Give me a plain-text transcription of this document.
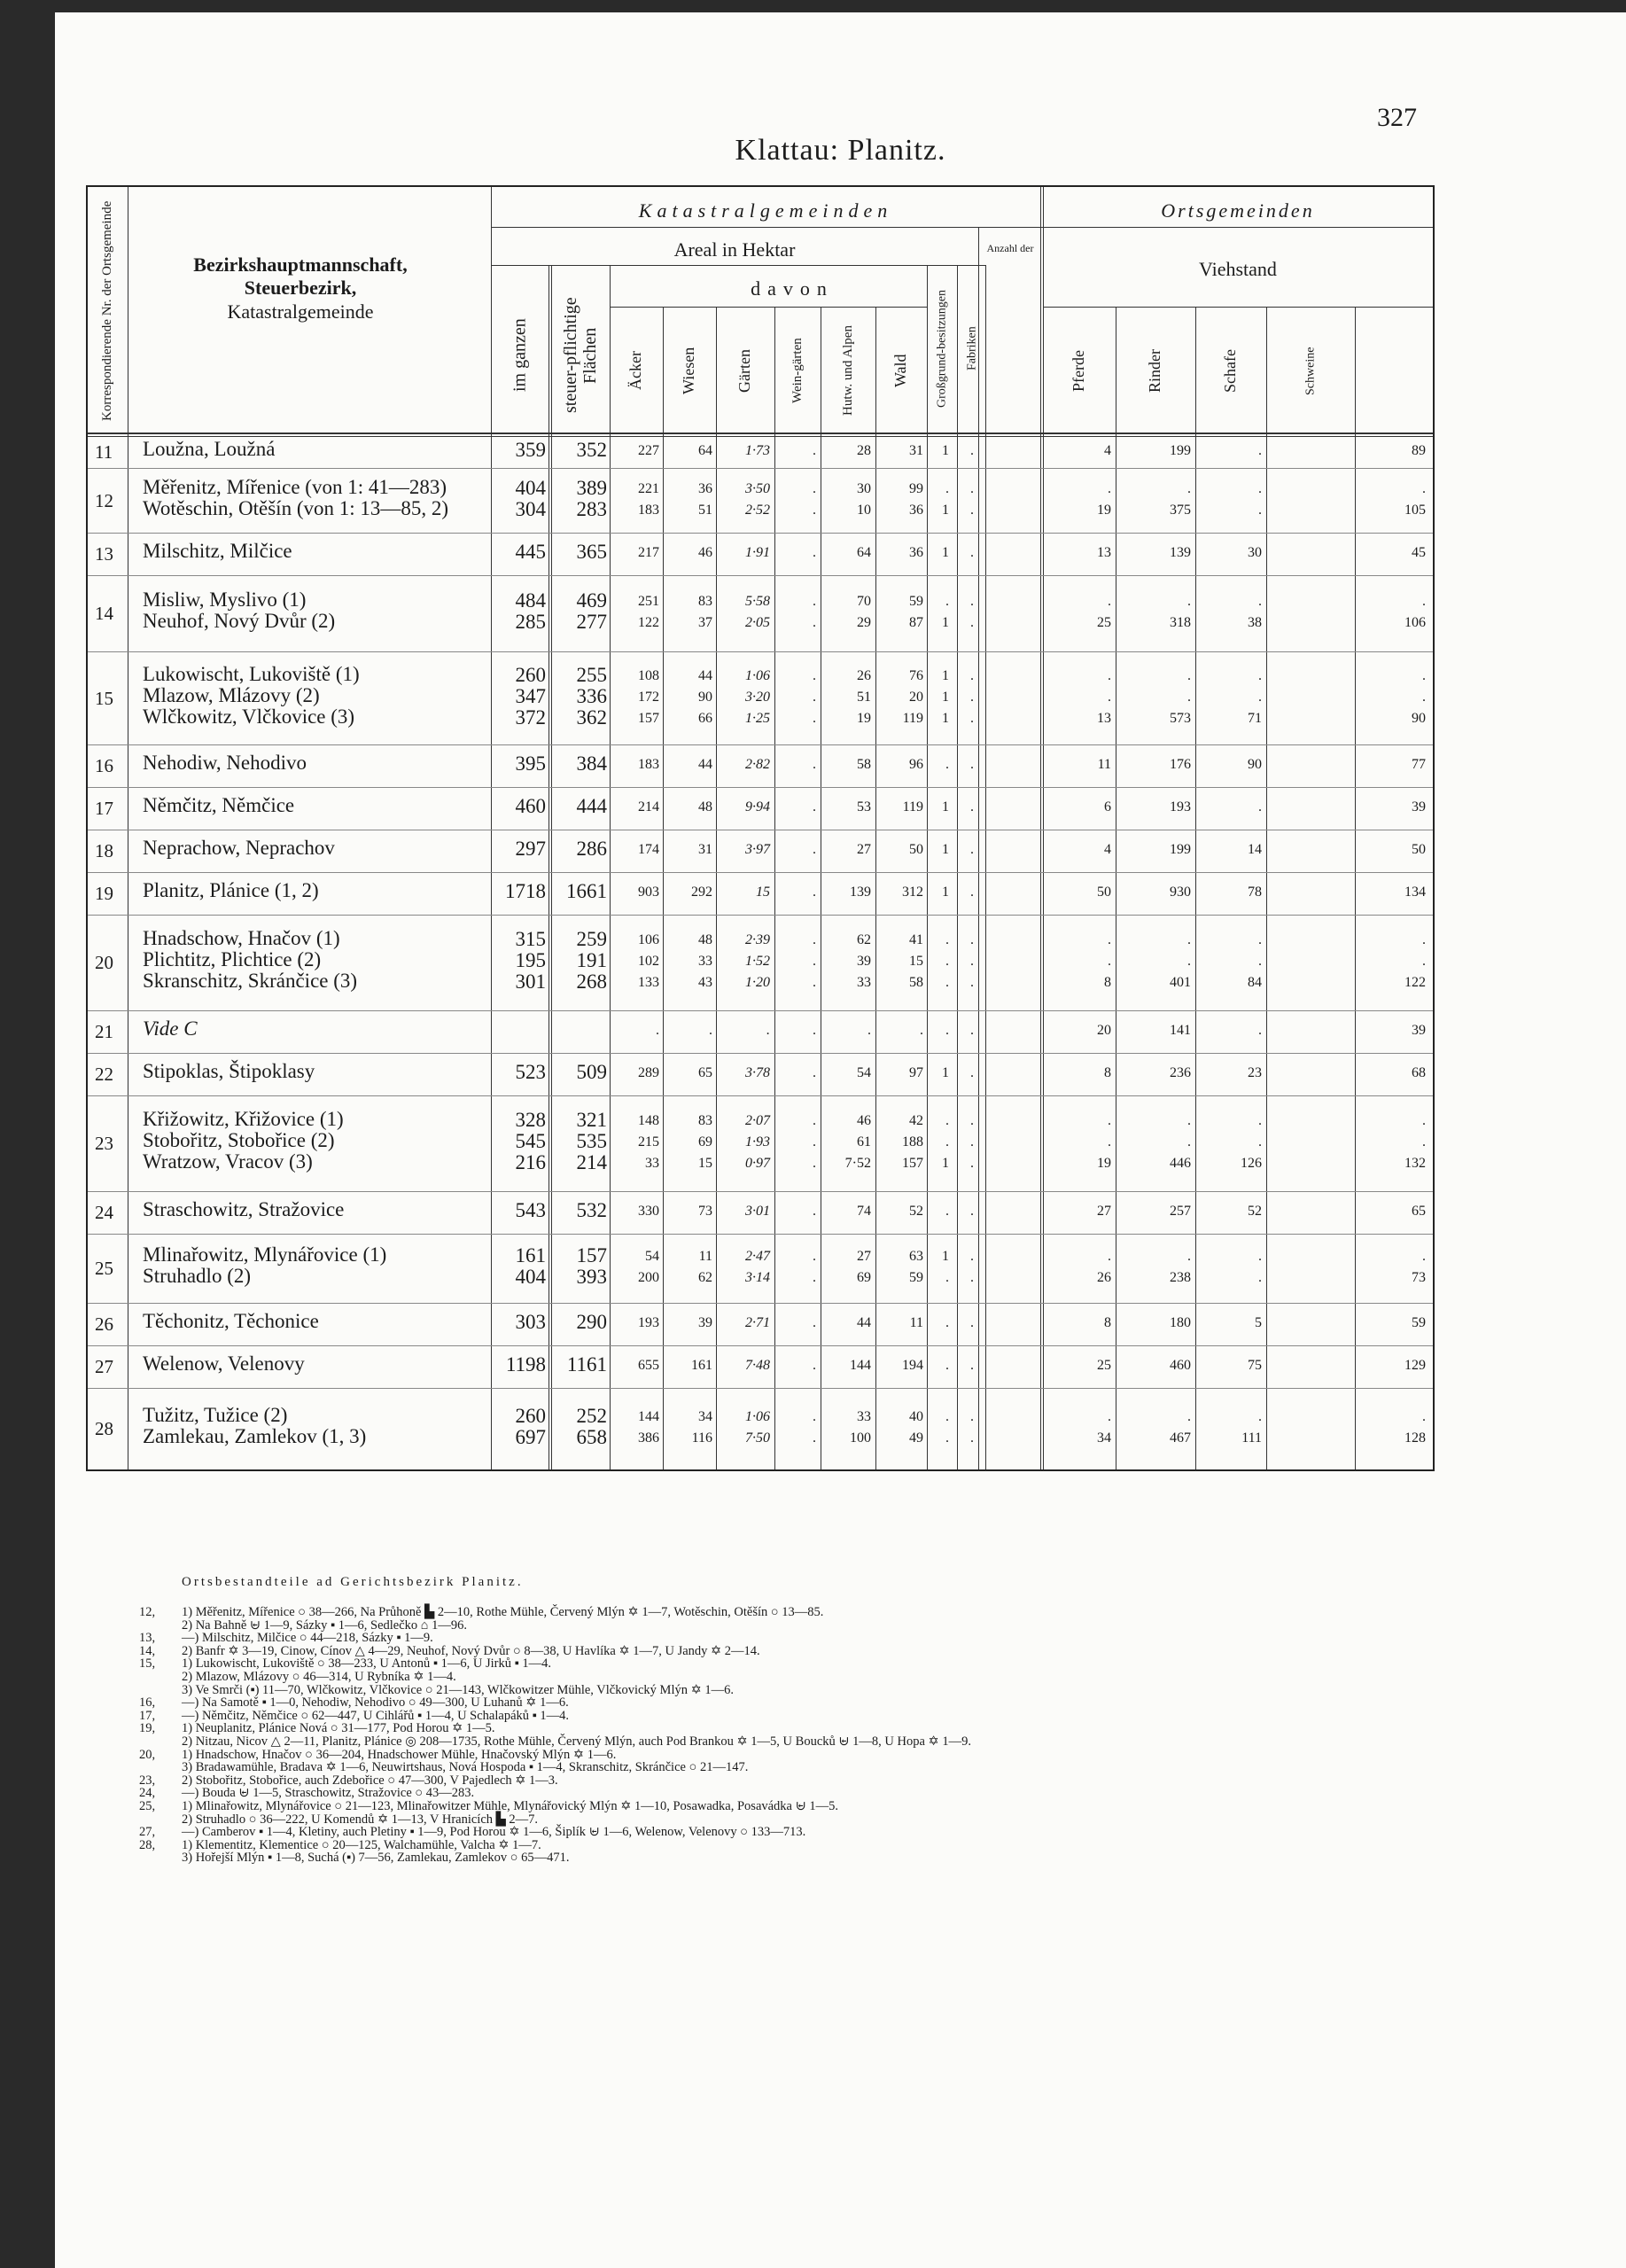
327
Klattau: Planitz.
Korrespondierende Nr. der Ortsgemeinde	Bezirkshauptmannschaft,
Steuerbezirk,
Katastralgemeinde
Katastralgemeinden
Areal in Hektar	Anzahl der
davon
Ortsgemeinden
Viehstand
im ganzen	steuer-pflichtige Flächen	Äcker	Wiesen	Gärten	Wein-gärten	Hutw. und Alpen	Wald	Großgrund-besitzungen	Fabriken
Pferde	Rinder	Schafe	Schweine
11 Loužna, Loužná	359	352	227	64	1·73	.	28	31	1	.	4	199	.	89
12
Měřenitz, Mířenice (von 1: 41—283)	404	389	221	36	3·50	.	30	99	.	.	.	.	.	.
Wotěschin, Otěšín (von 1: 13—85, 2)	304	283	183	51	2·52	.	10	36	1	.	19	375	.	105
13 Milschitz, Milčice	445	365	217	46	1·91	.	64	36	1	.	13	139	30	45
14
Misliw, Myslivo (1)	484	469	251	83	5·58	.	70	59	.	.	.	.	.	.
Neuhof, Nový Dvůr (2)	285	277	122	37	2·05	.	29	87	1	.	25	318	38	106
15
Lukowischt, Lukoviště (1)	260	255	108	44	1·06	.	26	76	1	.	.	.	.	.
Mlazow, Mlázovy (2)	347	336	172	90	3·20	.	51	20	1	.	.	.	.	.
Wlčkowitz, Vlčkovice (3)	372	362	157	66	1·25	.	19	119	1	.	13	573	71	90
16 Nehodiw, Nehodivo	395	384	183	44	2·82	.	58	96	.	.	11	176	90	77
17 Němčitz, Němčice	460	444	214	48	9·94	.	53	119	1	.	6	193	.	39
18 Neprachow, Neprachov	297	286	174	31	3·97	.	27	50	1	.	4	199	14	50
19 Planitz, Plánice (1, 2)	1718	1661	903	292	15	.	139	312	1	.	50	930	78	134
20
Hnadschow, Hnačov (1)	315	259	106	48	2·39	.	62	41	.	.	.	.	.	.
Plichtitz, Plichtice (2)	195	191	102	33	1·52	.	39	15	.	.	.	.	.	.
Skranschitz, Skránčice (3)	301	268	133	43	1·20	.	33	58	.	.	8	401	84	122
21 Vide C	.	.	.	.	.	.	.	.	20	141	.	39
22 Stipoklas, Štipoklasy	523	509	289	65	3·78	.	54	97	1	.	8	236	23	68
23
Křižowitz, Křižovice (1)	328	321	148	83	2·07	.	46	42	.	.	.	.	.	.
Stobořitz, Stobořice (2)	545	535	215	69	1·93	.	61	188	.	.	.	.	.	.
Wratzow, Vracov (3)	216	214	33	15	0·97	.	7·52	157	1	.	19	446	126	132
24 Straschowitz, Stražovice	543	532	330	73	3·01	.	74	52	.	.	27	257	52	65
25
Mlinařowitz, Mlynářovice (1)	161	157	54	11	2·47	.	27	63	1	.	.	.	.	.
Struhadlo (2)	404	393	200	62	3·14	.	69	59	.	.	26	238	.	73
26 Těchonitz, Těchonice	303	290	193	39	2·71	.	44	11	.	.	8	180	5	59
27 Welenow, Velenovy	1198	1161	655	161	7·48	.	144	194	.	.	25	460	75	129
28
Tužitz, Tužice (2)	260	252	144	34	1·06	.	33	40	.	.	.	.	.	.
Zamlekau, Zamlekov (1, 3)	697	658	386	116	7·50	.	100	49	.	.	34	467	111	128
Ortsbestandteile ad Gerichtsbezirk Planitz.
12, 1) Měřenitz, Mířenice ○ 38—266, Na Průhoně ▙ 2—10, Rothe Mühle, Červený Mlýn ✡ 1—7, Wotěschin, Otěšín ○ 13—85.
2) Na Bahně ⊌ 1—9, Sázky ▪ 1—6, Sedlečko ⌂ 1—96.
13, —) Milschitz, Milčice ○ 44—218, Sázky ▪ 1—9.
14, 2) Banfr ✡ 3—19, Cinow, Cínov △ 4—29, Neuhof, Nový Dvůr ○ 8—38, U Havlíka ✡ 1—7, U Jandy ✡ 2—14.
15, 1) Lukowischt, Lukoviště ○ 38—233, U Antonů ▪ 1—6, U Jirků ▪ 1—4.
2) Mlazow, Mlázovy ○ 46—314, U Rybníka ✡ 1—4.
3) Ve Smrči (▪) 11—70, Wlčkowitz, Vlčkovice ○ 21—143, Wlčkowitzer Mühle, Vlčkovický Mlýn ✡ 1—6.
16, —) Na Samotě ▪ 1—0, Nehodiw, Nehodivo ○ 49—300, U Luhanů ✡ 1—6.
17, —) Němčitz, Němčice ○ 62—447, U Cihlářů ▪ 1—4, U Schalapáků ▪ 1—4.
19, 1) Neuplanitz, Plánice Nová ○ 31—177, Pod Horou ✡ 1—5.
2) Nitzau, Nicov △ 2—11, Planitz, Plánice ◎ 208—1735, Rothe Mühle, Červený Mlýn, auch Pod Brankou ✡ 1—5, U Boucků ⊌ 1—8, U Hopa ✡ 1—9.
20, 1) Hnadschow, Hnačov ○ 36—204, Hnadschower Mühle, Hnačovský Mlýn ✡ 1—6.
3) Bradawamühle, Bradava ✡ 1—6, Neuwirtshaus, Nová Hospoda ▪ 1—4, Skranschitz, Skránčice ○ 21—147.
23, 2) Stobořitz, Stobořice, auch Zdebořice ○ 47—300, V Pajedlech ✡ 1—3.
24, —) Bouda ⊌ 1—5, Straschowitz, Stražovice ○ 43—283.
25, 1) Mlinařowitz, Mlynářovice ○ 21—123, Mlinařowitzer Mühle, Mlynářovický Mlýn ✡ 1—10, Posawadka, Posavádka ⊌ 1—5.
2) Struhadlo ○ 36—222, U Komendů ✡ 1—13, V Hranicích ▙ 2—7.
27, —) Camberov ▪ 1—4, Kletiny, auch Pletiny ▪ 1—9, Pod Horou ✡ 1—6, Šiplík ⊌ 1—6, Welenow, Velenovy ○ 133—713.
28, 1) Klementitz, Klementice ○ 20—125, Walchamühle, Valcha ✡ 1—7.
3) Hořejší Mlýn ▪ 1—8, Suchá (▪) 7—56, Zamlekau, Zamlekov ○ 65—471.
